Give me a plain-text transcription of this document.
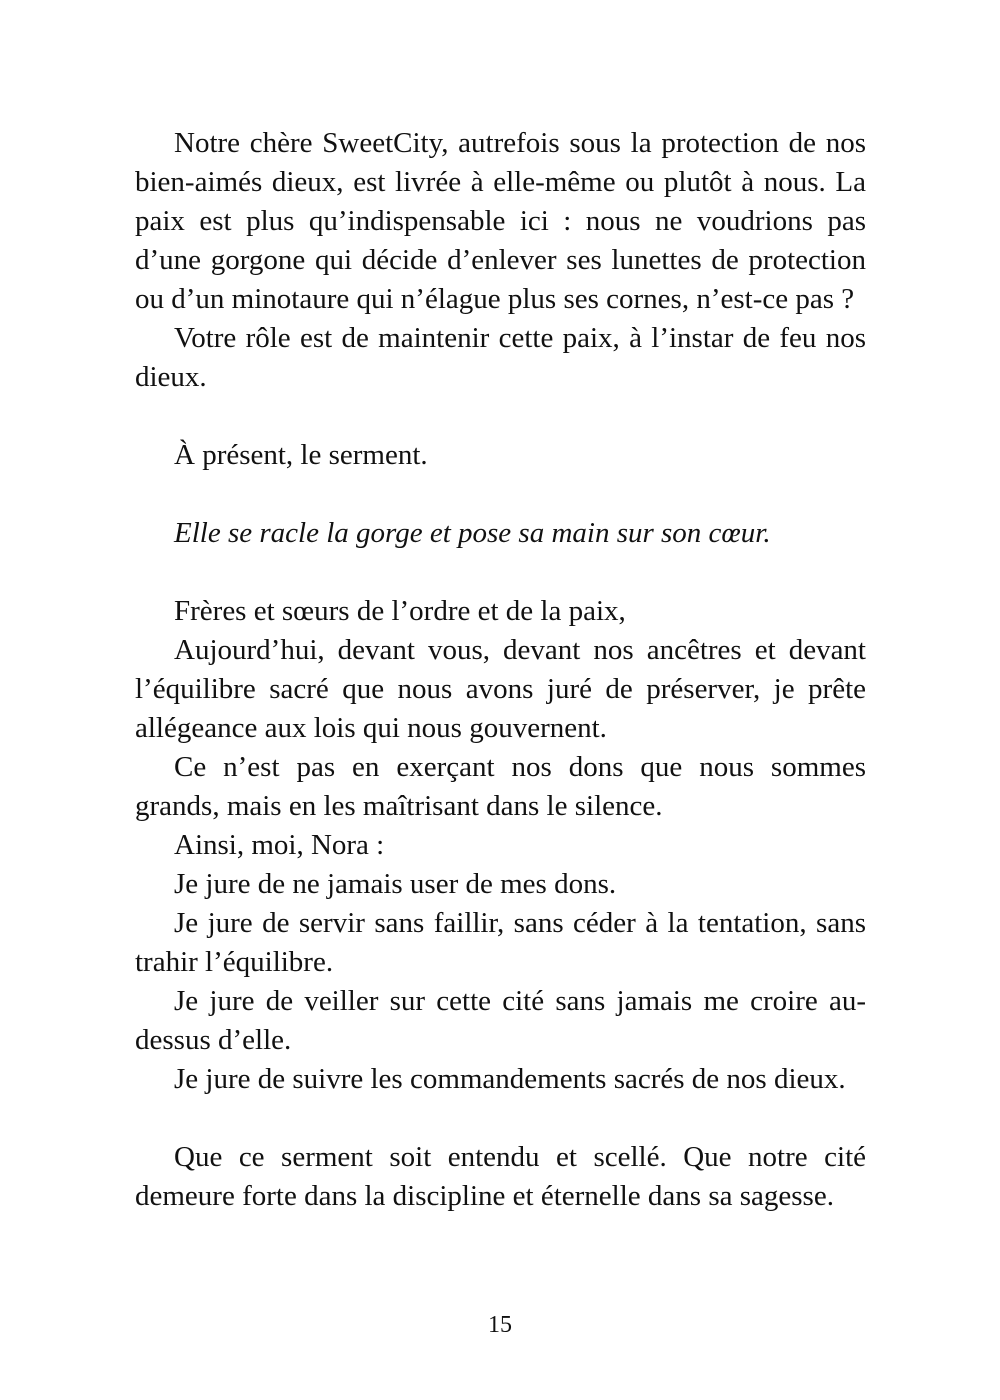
Notre chère SweetCity, autrefois sous la protection de nos bien-aimés dieux, est livrée à elle-même ou plutôt à nous. La paix est plus qu’indispensable ici : nous ne voudrions pas d’une gorgone qui décide d’enlever ses lunettes de protection ou d’un minotaure qui n’élague plus ses cornes, n’est-ce pas ?

Votre rôle est de maintenir cette paix, à l’instar de feu nos dieux.

À présent, le serment.

Elle se racle la gorge et pose sa main sur son cœur.

Frères et sœurs de l’ordre et de la paix,

Aujourd’hui, devant vous, devant nos ancêtres et devant l’équilibre sacré que nous avons juré de préserver, je prête allégeance aux lois qui nous gouvernent.

Ce n’est pas en exerçant nos dons que nous sommes grands, mais en les maîtrisant dans le silence.

Ainsi, moi, Nora :

Je jure de ne jamais user de mes dons.

Je jure de servir sans faillir, sans céder à la tentation, sans trahir l’équilibre.

Je jure de veiller sur cette cité sans jamais me croire au-dessus d’elle.

Je jure de suivre les commandements sacrés de nos dieux.

Que ce serment soit entendu et scellé. Que notre cité demeure forte dans la discipline et éternelle dans sa sagesse.

15
